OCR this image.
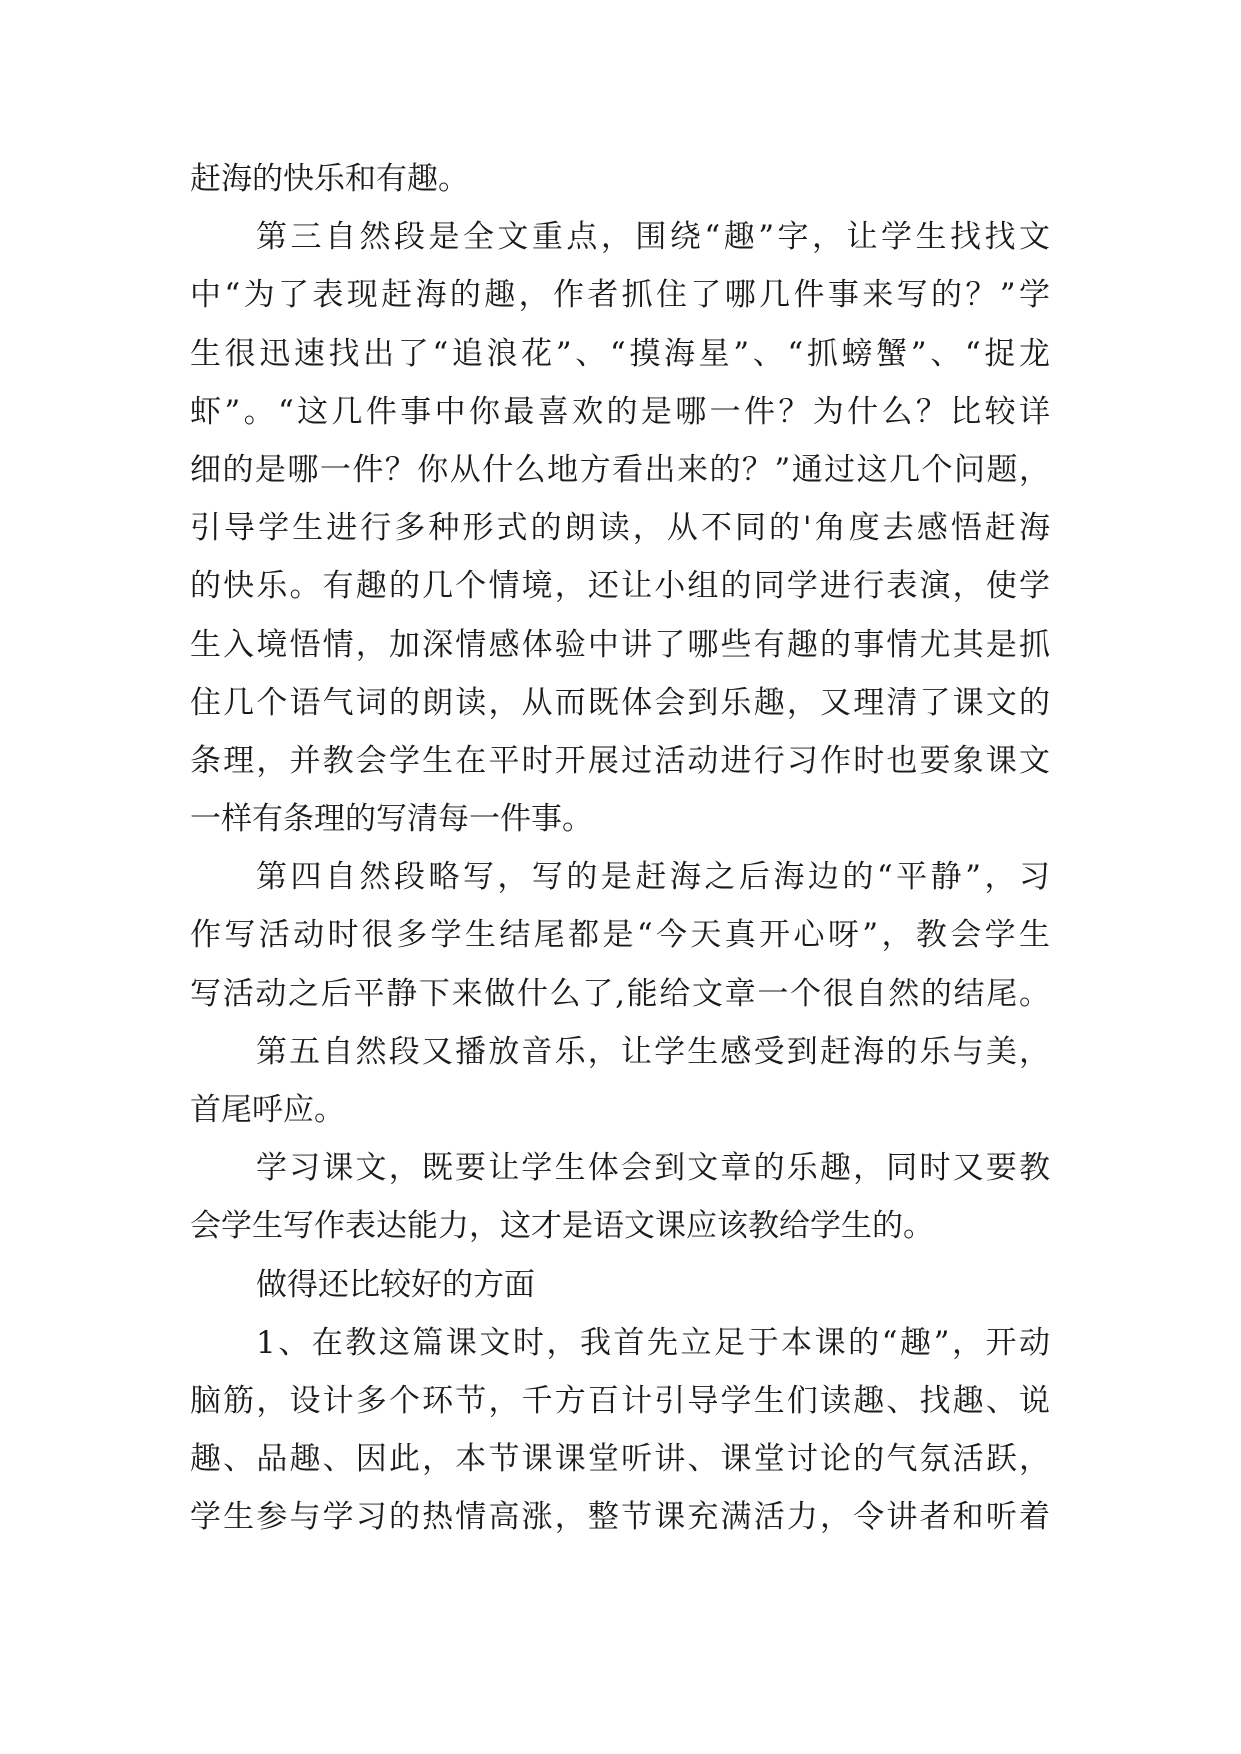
赶海的快乐和有趣。
第三自然段是全文重点，围绕“趣”字，让学生找找文
中“为了表现赶海的趣，作者抓住了哪几件事来写的？”学
生很迅速找出了“追浪花”、“摸海星”、“抓螃蟹”、“捉龙
虾”。“这几件事中你最喜欢的是哪一件？为什么？比较详
细的是哪一件？你从什么地方看出来的？”通过这几个问题，
引导学生进行多种形式的朗读，从不同的'角度去感悟赶海
的快乐。有趣的几个情境，还让小组的同学进行表演，使学
生入境悟情，加深情感体验中讲了哪些有趣的事情尤其是抓
住几个语气词的朗读，从而既体会到乐趣，又理清了课文的
条理，并教会学生在平时开展过活动进行习作时也要象课文
一样有条理的写清每一件事。
第四自然段略写，写的是赶海之后海边的“平静”，习
作写活动时很多学生结尾都是“今天真开心呀”，教会学生
写活动之后平静下来做什么了,能给文章一个很自然的结尾。
第五自然段又播放音乐，让学生感受到赶海的乐与美，
首尾呼应。
学习课文，既要让学生体会到文章的乐趣，同时又要教
会学生写作表达能力，这才是语文课应该教给学生的。
做得还比较好的方面
1、在教这篇课文时，我首先立足于本课的“趣”，开动
脑筋，设计多个环节，千方百计引导学生们读趣、找趣、说
趣、品趣、因此，本节课课堂听讲、课堂讨论的气氛活跃，
学生参与学习的热情高涨，整节课充满活力，令讲者和听着
